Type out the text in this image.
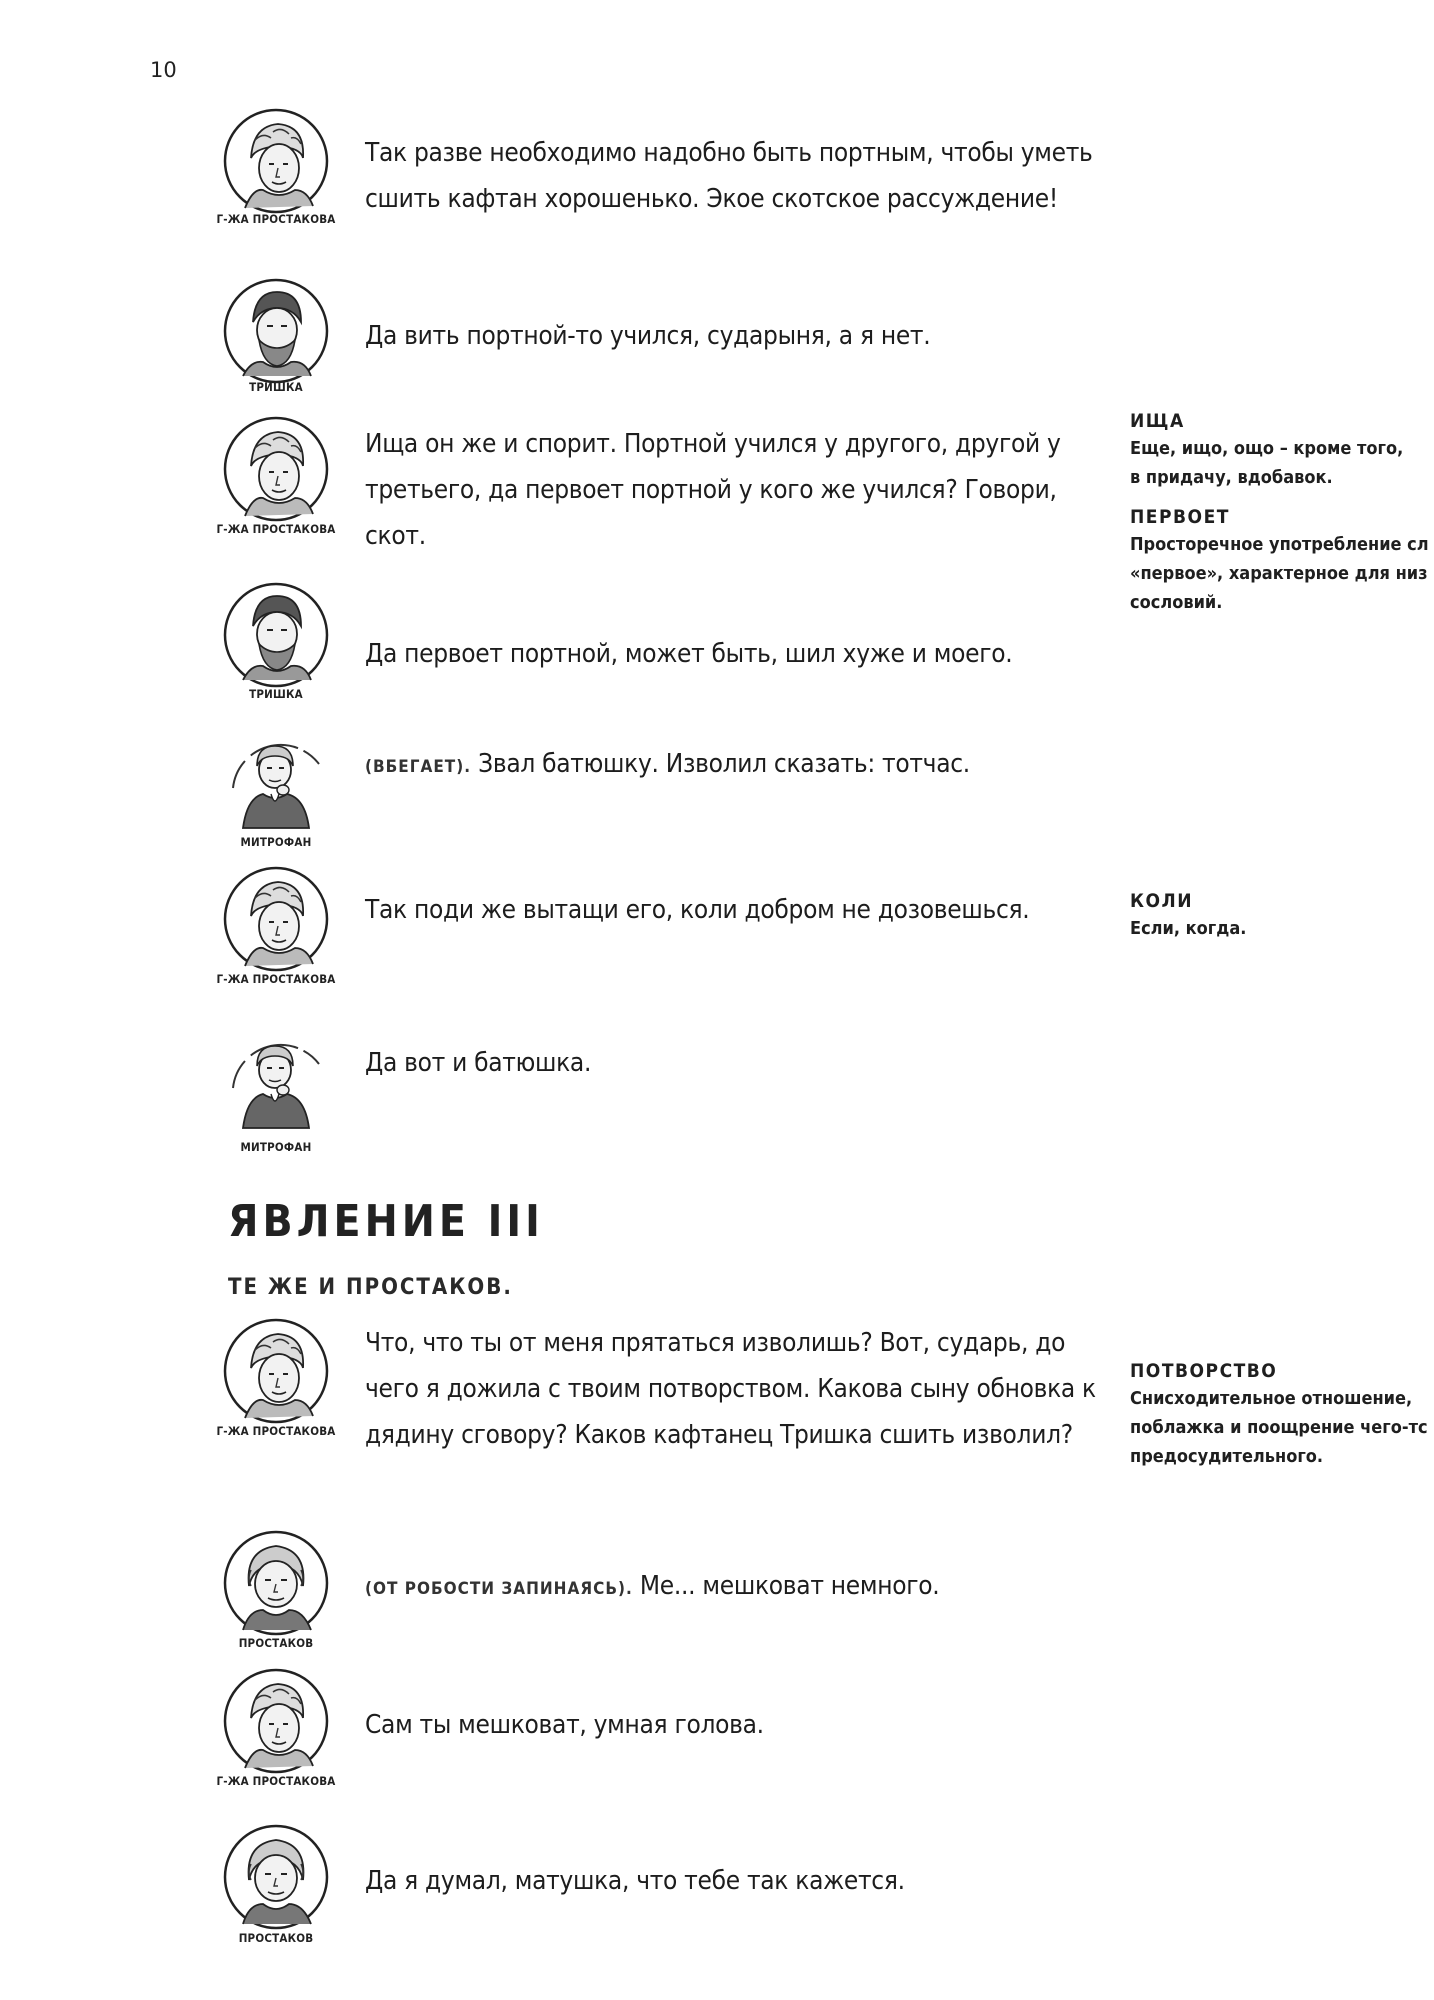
10
Г-ЖА ПРОСТАКОВА
Так разве необходимо надобно быть портным, чтобы уметь сшить кафтан хорошенько. Экое скотское рассуждение!
ТРИШКА
Да вить портной-то учился, сударыня, а я нет.
Г-ЖА ПРОСТАКОВА
Ища он же и спорит. Портной учился у другого, другой у третьего, да первоет портной у кого же учился? Говори, скот.
ТРИШКА
Да первоет портной, может быть, шил хуже и моего.
МИТРОФАН
(ВБЕГАЕТ). Звал батюшку. Изволил сказать: тотчас.
Г-ЖА ПРОСТАКОВА
Так поди же вытащи его, коли добром не дозовешься.
МИТРОФАН
Да вот и батюшка.
ЯВЛЕНИЕ III
ТЕ ЖЕ И ПРОСТАКОВ.
Г-ЖА ПРОСТАКОВА
Что, что ты от меня прятаться изволишь? Вот, сударь, до чего я дожила с твоим потворством. Какова сыну обновка к дядину сговору? Каков кафтанец Тришка сшить изволил?
ПРОСТАКОВ
(ОТ РОБОСТИ ЗАПИНАЯСЬ). Ме... мешковат немного.
Г-ЖА ПРОСТАКОВА
Сам ты мешковат, умная голова.
ПРОСТАКОВ
Да я думал, матушка, что тебе так кажется.
ИЩА
Еще, ищо, ощо – кроме того,
в придачу, вдобавок.
ПЕРВОЕТ
Просторечное употребление сл
«первое», характерное для низ
сословий.
КОЛИ
Если, когда.
ПОТВОРСТВО
Снисходительное отношение,
поблажка и поощрение чего-тс
предосудительного.
